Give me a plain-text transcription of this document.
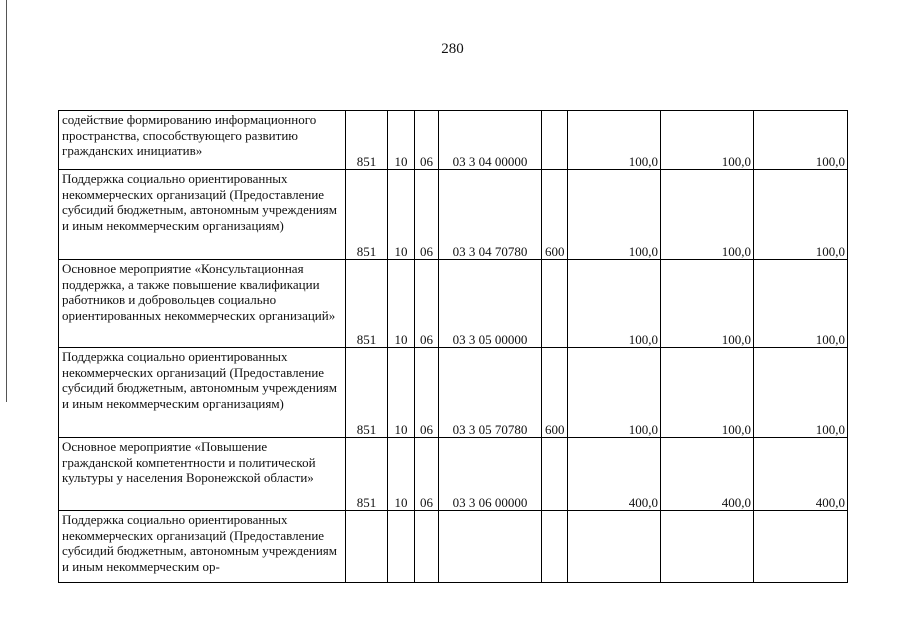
280
содействие формированию информационного пространства, способствующего развитию гражданских инициатив»	851	10	06	03 3 04 00000		100,0	100,0	100,0
Поддержка социально ориентированных некоммерческих организаций (Предоставление субсидий бюджетным, автономным учреждениям и иным некоммерческим организациям)	851	10	06	03 3 04 70780	600	100,0	100,0	100,0
Основное мероприятие «Консультационная поддержка, а также повышение квалификации работников и добровольцев социально ориентированных некоммерческих организаций»	851	10	06	03 3 05 00000		100,0	100,0	100,0
Поддержка социально ориентированных некоммерческих организаций (Предоставление субсидий бюджетным, автономным учреждениям и иным некоммерческим организациям)	851	10	06	03 3 05 70780	600	100,0	100,0	100,0
Основное мероприятие «Повышение гражданской компетентности и политической культуры у населения Воронежской области»	851	10	06	03 3 06 00000		400,0	400,0	400,0
Поддержка социально ориентированных некоммерческих организаций (Предоставление субсидий бюджетным, автономным учреждениям и иным некоммерческим ор-								
